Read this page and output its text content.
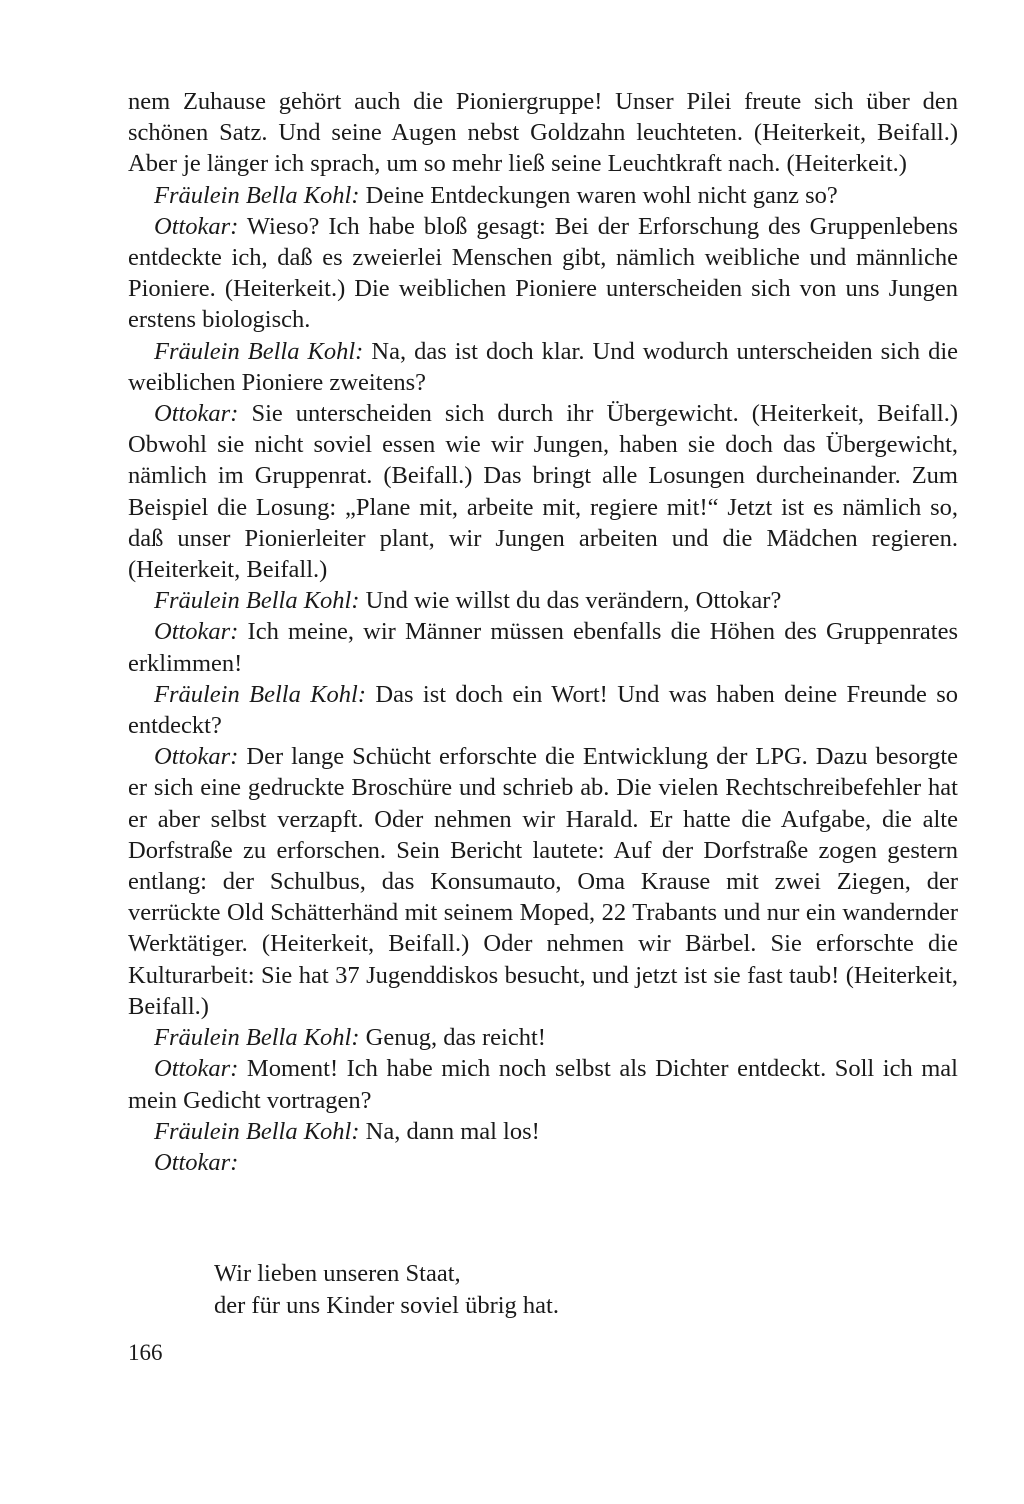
nem Zuhause gehört auch die Pioniergruppe! Unser Pilei freute sich über den schönen Satz. Und seine Augen nebst Goldzahn leuchteten. (Heiterkeit, Beifall.) Aber je länger ich sprach, um so mehr ließ seine Leuchtkraft nach. (Heiterkeit.)

Fräulein Bella Kohl: Deine Entdeckungen waren wohl nicht ganz so?

Ottokar: Wieso? Ich habe bloß gesagt: Bei der Erforschung des Gruppenlebens entdeckte ich, daß es zweierlei Menschen gibt, nämlich weibliche und männliche Pioniere. (Heiterkeit.) Die weiblichen Pioniere unterscheiden sich von uns Jungen erstens biologisch.

Fräulein Bella Kohl: Na, das ist doch klar. Und wodurch unterscheiden sich die weiblichen Pioniere zweitens?

Ottokar: Sie unterscheiden sich durch ihr Übergewicht. (Heiterkeit, Beifall.) Obwohl sie nicht soviel essen wie wir Jungen, haben sie doch das Übergewicht, nämlich im Gruppenrat. (Beifall.) Das bringt alle Losungen durcheinander. Zum Beispiel die Losung: „Plane mit, arbeite mit, regiere mit!“ Jetzt ist es nämlich so, daß unser Pionierleiter plant, wir Jungen arbeiten und die Mädchen regieren. (Heiterkeit, Beifall.)

Fräulein Bella Kohl: Und wie willst du das verändern, Ottokar?

Ottokar: Ich meine, wir Männer müssen ebenfalls die Höhen des Gruppenrates erklimmen!

Fräulein Bella Kohl: Das ist doch ein Wort! Und was haben deine Freunde so entdeckt?

Ottokar: Der lange Schücht erforschte die Entwicklung der LPG. Dazu besorgte er sich eine gedruckte Broschüre und schrieb ab. Die vielen Rechtschreibefehler hat er aber selbst verzapft. Oder nehmen wir Harald. Er hatte die Aufgabe, die alte Dorfstraße zu erforschen. Sein Bericht lautete: Auf der Dorfstraße zogen gestern entlang: der Schulbus, das Konsumauto, Oma Krause mit zwei Ziegen, der verrückte Old Schätterhänd mit seinem Moped, 22 Trabants und nur ein wandernder Werktätiger. (Heiterkeit, Beifall.) Oder nehmen wir Bärbel. Sie erforschte die Kulturarbeit: Sie hat 37 Jugenddiskos besucht, und jetzt ist sie fast taub! (Heiterkeit, Beifall.)

Fräulein Bella Kohl: Genug, das reicht!

Ottokar: Moment! Ich habe mich noch selbst als Dichter entdeckt. Soll ich mal mein Gedicht vortragen?

Fräulein Bella Kohl: Na, dann mal los!

Ottokar:

Wir lieben unseren Staat,
der für uns Kinder soviel übrig hat.
166
